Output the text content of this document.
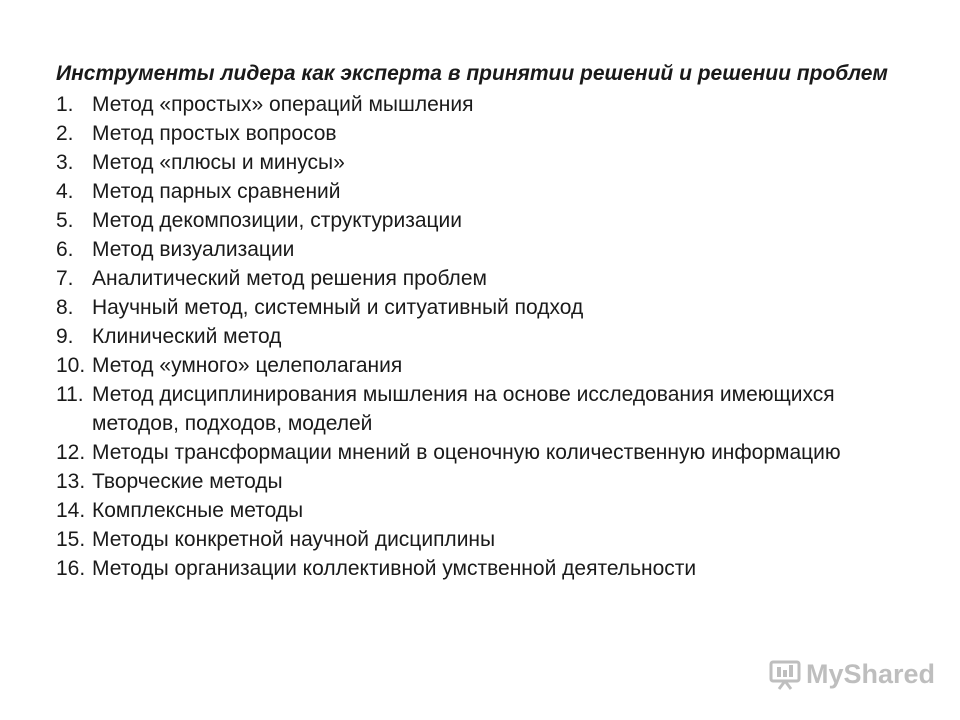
Инструменты лидера как эксперта в принятии решений и решении проблем
1. Метод «простых» операций мышления
2. Метод простых вопросов
3. Метод «плюсы и минусы»
4. Метод парных сравнений
5. Метод декомпозиции, структуризации
6. Метод визуализации
7. Аналитический метод решения проблем
8. Научный метод, системный и ситуативный подход
9. Клинический метод
10. Метод «умного» целеполагания
11. Метод дисциплинирования мышления на основе исследования имеющихся методов, подходов, моделей
12. Методы трансформации мнений в оценочную количественную информацию
13. Творческие методы
14. Комплексные методы
15. Методы конкретной научной дисциплины
16. Методы организации коллективной умственной деятельности
MyShared
